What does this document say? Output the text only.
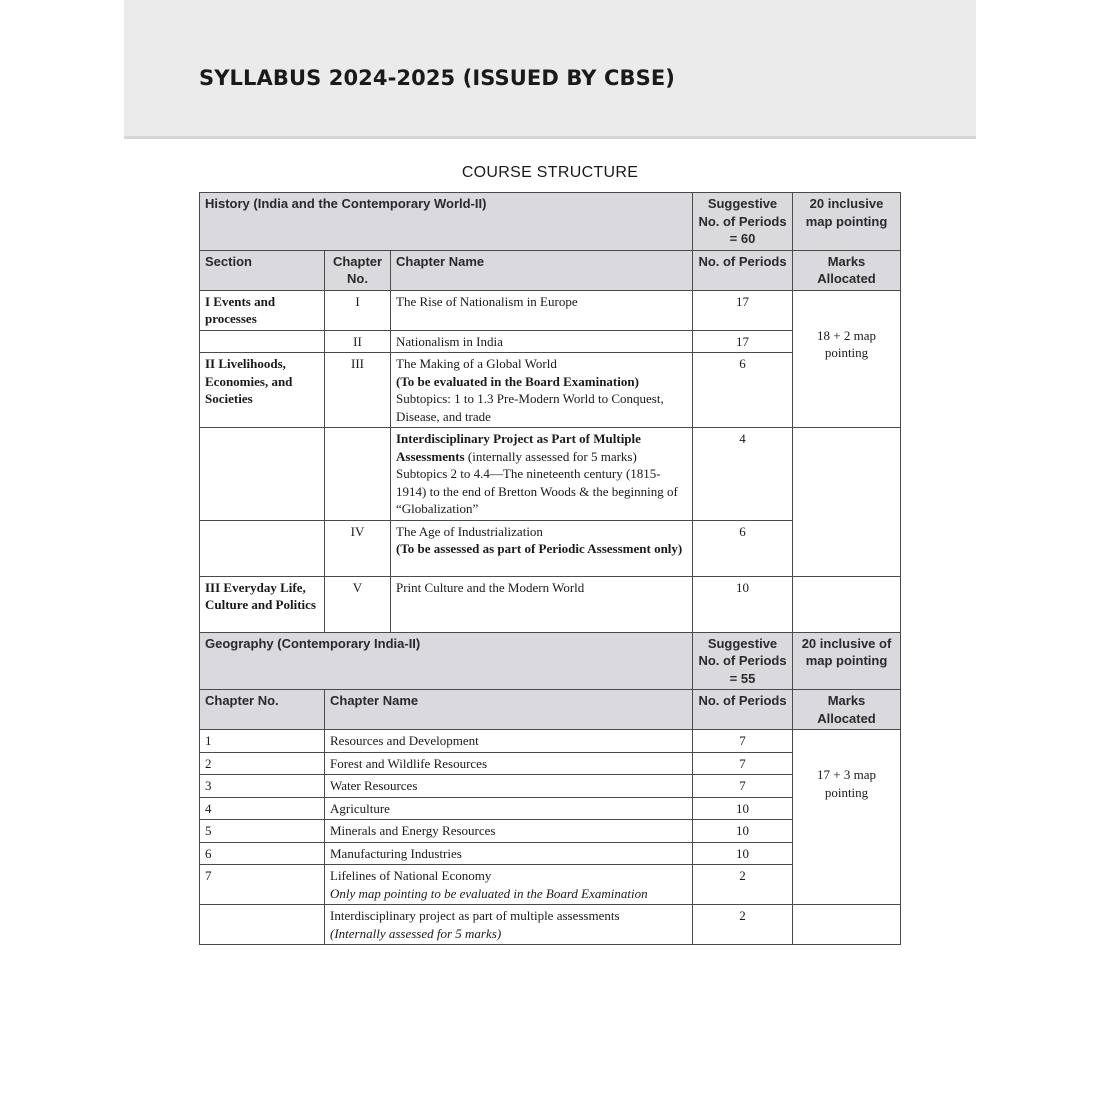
SYLLABUS 2024-2025 (ISSUED BY CBSE)
COURSE STRUCTURE
History (India and the Contemporary World-II)			Suggestive No. of Periods = 60	20 inclusive map pointing
Section	Chapter No.	Chapter Name	No. of Periods	Marks Allocated
I Events and processes	I	The Rise of Nationalism in Europe	17	18 + 2 map pointing
	II	Nationalism in India	17	
II Livelihoods, Economies, and Societies	III	The Making of a Global World
(To be evaluated in the Board Examination)
Subtopics: 1 to 1.3 Pre-Modern World to Conquest, Disease, and trade	6	

		Interdisciplinary Project as Part of Multiple Assessments (internally assessed for 5 marks)
Subtopics 2 to 4.4—The nineteenth century (1815-1914) to the end of Bretton Woods & the beginning of “Globalization”	4	
	IV	The Age of Industrialization
(To be assessed as part of Periodic Assessment only)	6	
III Everyday Life, Culture and Politics	V	Print Culture and the Modern World	10	
Geography (Contemporary India-II)			Suggestive No. of Periods = 55	20 inclusive of map pointing
Chapter No.	Chapter Name		No. of Periods	Marks Allocated
1	Resources and Development		7	17 + 3 map pointing
2	Forest and Wildlife Resources		7	
3	Water Resources		7	
4	Agriculture		10	
5	Minerals and Energy Resources		10	
6	Manufacturing Industries		10	
7	Lifelines of National Economy
Only map pointing to be evaluated in the Board Examination		2	

	Interdisciplinary project as part of multiple assessments
(Internally assessed for 5 marks)		2	
